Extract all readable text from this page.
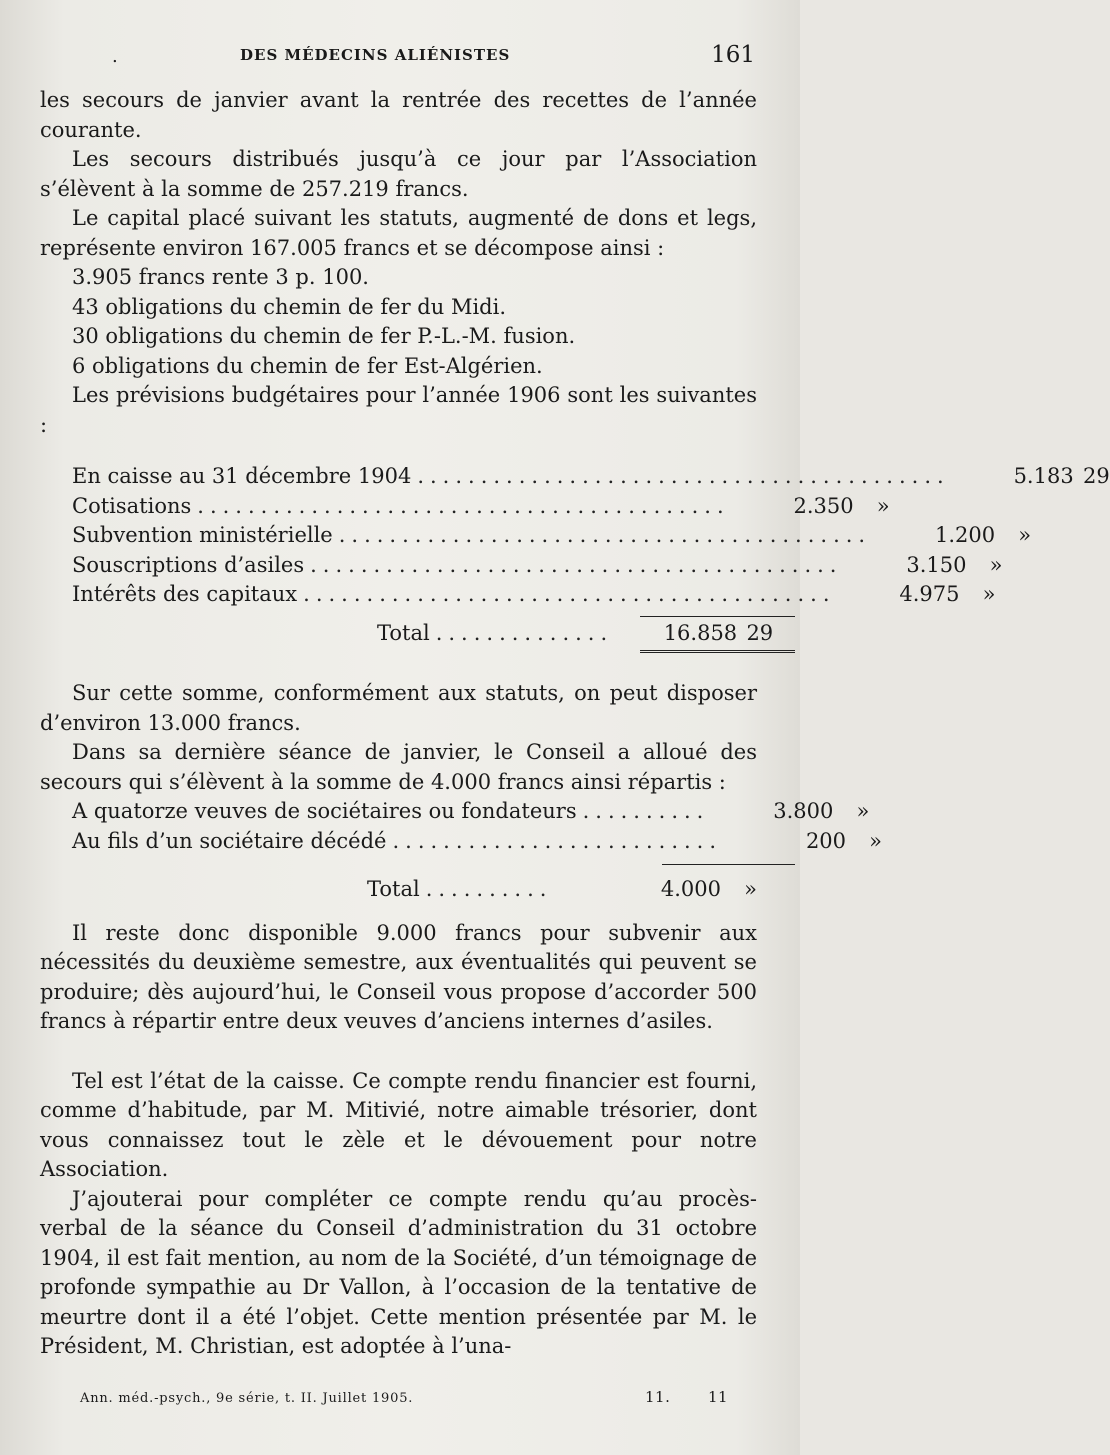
.	DES MÉDECINS ALIÉNISTES	161

les secours de janvier avant la rentrée des recettes de l’année courante.

Les secours distribués jusqu’à ce jour par l’Association s’élèvent à la somme de 257.219 francs.

Le capital placé suivant les statuts, augmenté de dons et legs, représente environ 167.005 francs et se décompose ainsi :

3.905 francs rente 3 p. 100.

43 obligations du chemin de fer du Midi.

30 obligations du chemin de fer P.-L.-M. fusion.

6 obligations du chemin de fer Est-Algérien.

Les prévisions budgétaires pour l’année 1906 sont les suivantes :

En caisse au 31 décembre 1904 ..........................................	5.183 29
Cotisations ..........................................	2.350	»
Subvention ministérielle ..........................................	1.200	»
Souscriptions d’asiles ..........................................	3.150	»
Intérêts des capitaux ..........................................	4.975	»
Total ..............	16.858 29

Sur cette somme, conformément aux statuts, on peut disposer d’environ 13.000 francs.

Dans sa dernière séance de janvier, le Conseil a alloué des secours qui s’élèvent à la somme de 4.000 francs ainsi répartis :

A quatorze veuves de sociétaires ou fondateurs ..........	3.800	»
Au fils d’un sociétaire décédé ..........................	200	»
Total ..........	4.000	»

Il reste donc disponible 9.000 francs pour subvenir aux nécessités du deuxième semestre, aux éventualités qui peuvent se produire; dès aujourd’hui, le Conseil vous propose d’accorder 500 francs à répartir entre deux veuves d’anciens internes d’asiles.

Tel est l’état de la caisse. Ce compte rendu financier est fourni, comme d’habitude, par M. Mitivié, notre aimable trésorier, dont vous connaissez tout le zèle et le dévouement pour notre Association.

J’ajouterai pour compléter ce compte rendu qu’au procès-verbal de la séance du Conseil d’administration du 31 octobre 1904, il est fait mention, au nom de la Société, d’un témoignage de profonde sympathie au Dr Vallon, à l’occasion de la tentative de meurtre dont il a été l’objet. Cette mention présentée par M. le Président, M. Christian, est adoptée à l’una-

Ann. méd.-psych., 9e série, t. II. Juillet 1905.	11.	11
